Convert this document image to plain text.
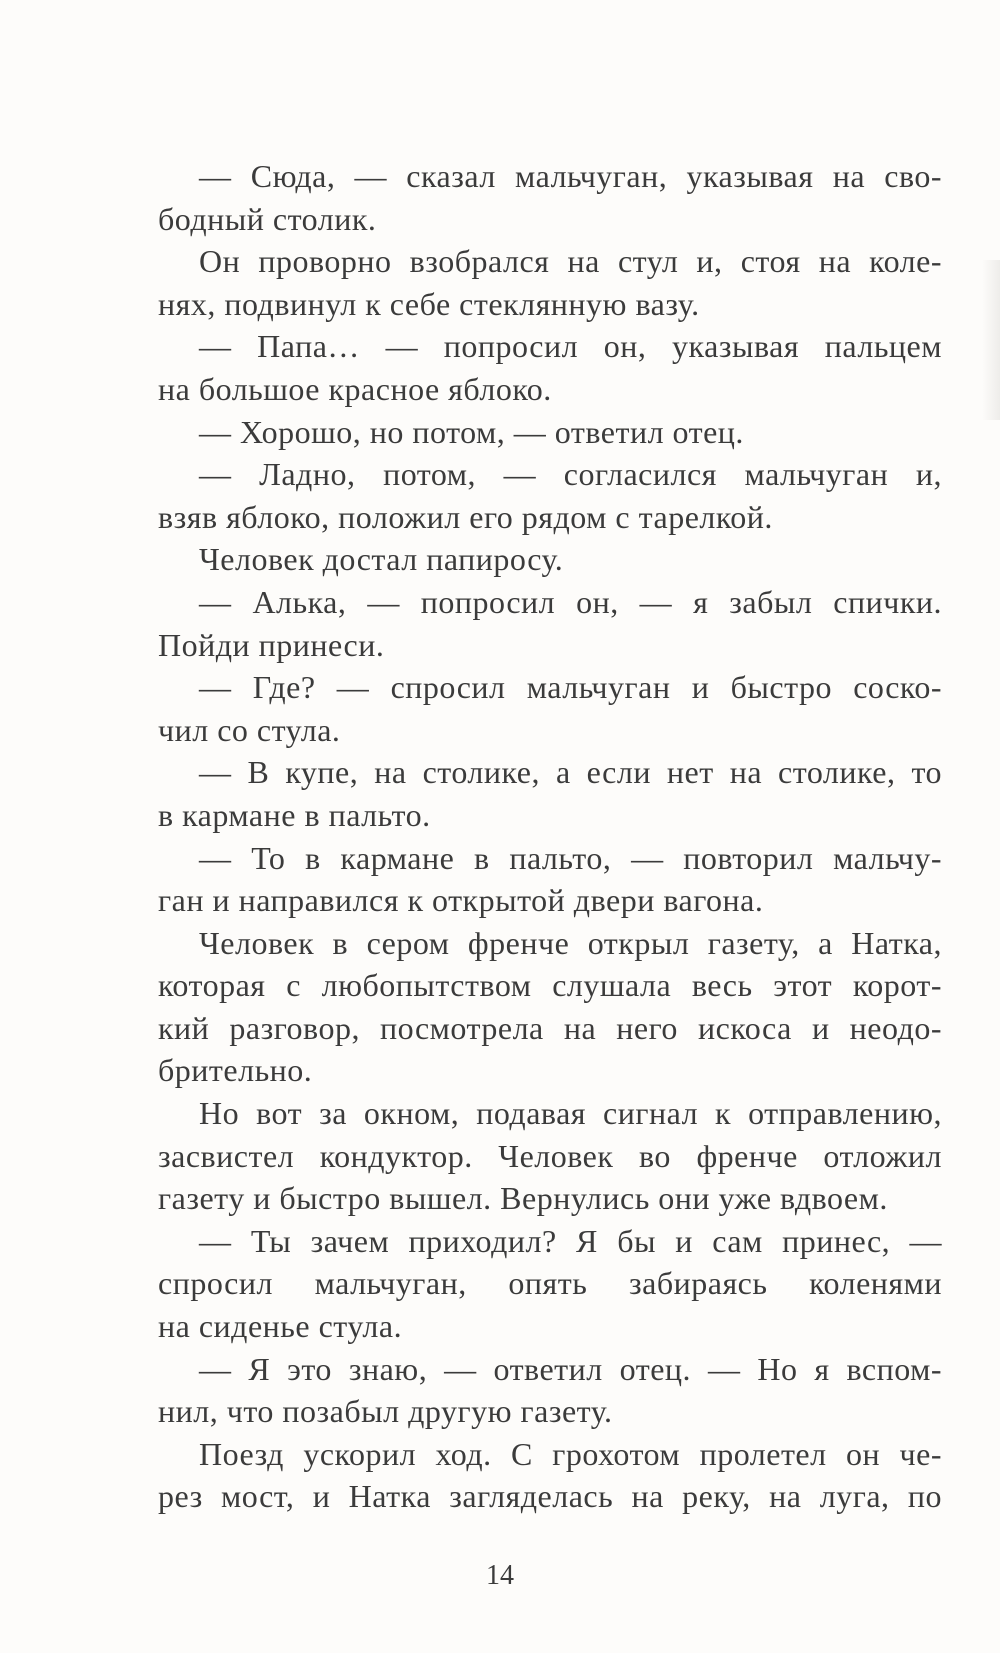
— Сюда, — сказал мальчуган, указывая на сво-
бодный столик.
Он проворно взобрался на стул и, стоя на коле-
нях, подвинул к себе стеклянную вазу.
— Папа… — попросил он, указывая пальцем
на большое красное яблоко.
— Хорошо, но потом, — ответил отец.
— Ладно, потом, — согласился мальчуган и,
взяв яблоко, положил его рядом с тарелкой.
Человек достал папиросу.
— Алька, — попросил он, — я забыл спички.
Пойди принеси.
— Где? — спросил мальчуган и быстро соско-
чил со стула.
— В купе, на столике, а если нет на столике, то
в кармане в пальто.
— То в кармане в пальто, — повторил мальчу-
ган и направился к открытой двери вагона.
Человек в сером френче открыл газету, а Натка,
которая с любопытством слушала весь этот корот-
кий разговор, посмотрела на него искоса и неодо-
брительно.
Но вот за окном, подавая сигнал к отправлению,
засвистел кондуктор. Человек во френче отложил
газету и быстро вышел. Вернулись они уже вдвоем.
— Ты зачем приходил? Я бы и сам принес, —
спросил мальчуган, опять забираясь коленями
на сиденье стула.
— Я это знаю, — ответил отец. — Но я вспом-
нил, что позабыл другую газету.
Поезд ускорил ход. С грохотом пролетел он че-
рез мост, и Натка загляделась на реку, на луга, по
14
